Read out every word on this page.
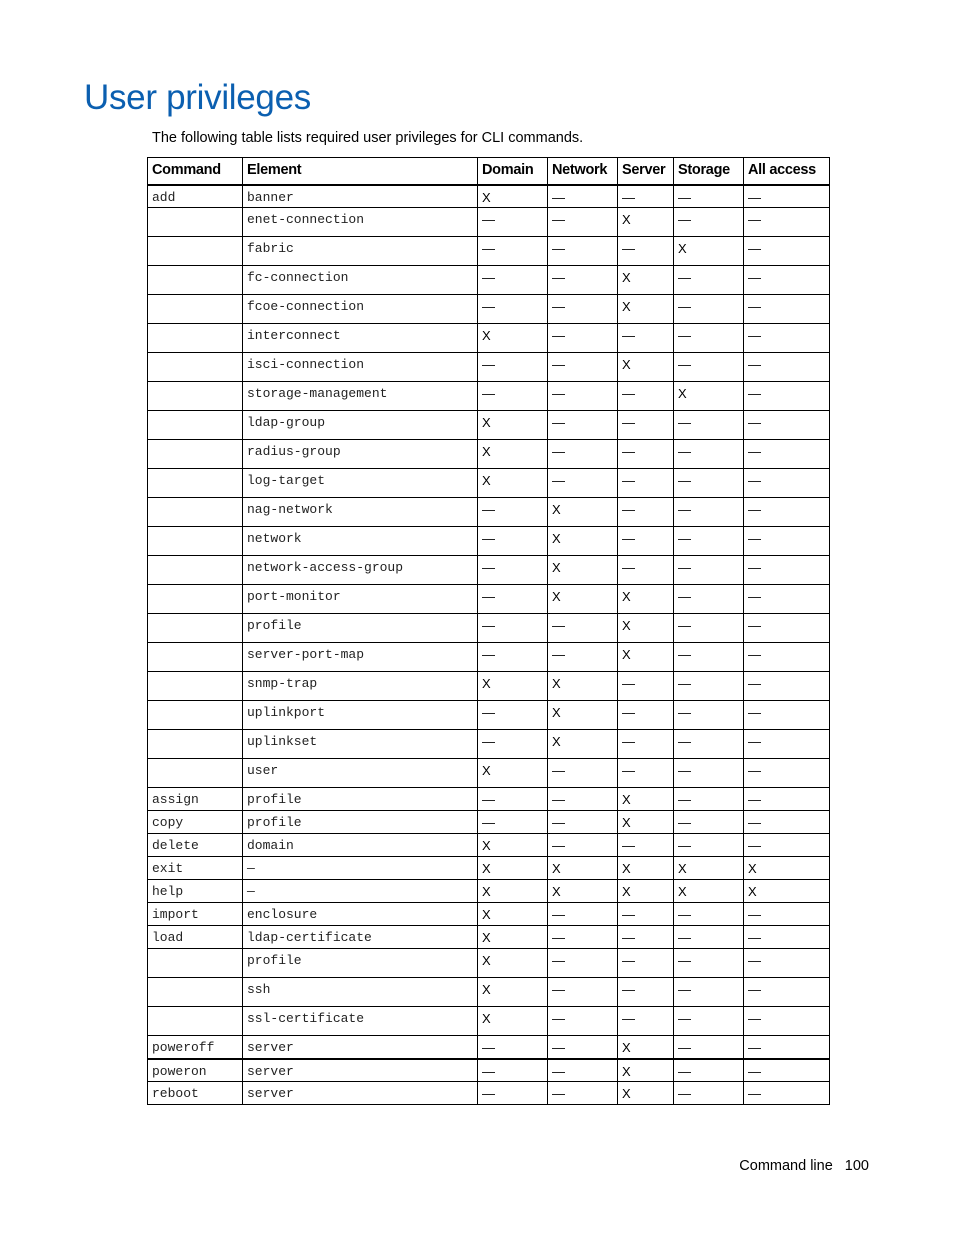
User privileges

The following table lists required user privileges for CLI commands.

Command	Element	Domain	Network	Server	Storage	All access
add	banner	X	—	—	—	—
	enet-connection	—	—	X	—	—
	fabric	—	—	—	X	—
	fc-connection	—	—	X	—	—
	fcoe-connection	—	—	X	—	—
	interconnect	X	—	—	—	—
	isci-connection	—	—	X	—	—
	storage-management	—	—	—	X	—
	ldap-group	X	—	—	—	—
	radius-group	X	—	—	—	—
	log-target	X	—	—	—	—
	nag-network	—	X	—	—	—
	network	—	X	—	—	—
	network-access-group	—	X	—	—	—
	port-monitor	—	X	X	—	—
	profile	—	—	X	—	—
	server-port-map	—	—	X	—	—
	snmp-trap	X	X	—	—	—
	uplinkport	—	X	—	—	—
	uplinkset	—	X	—	—	—
	user	X	—	—	—	—
assign	profile	—	—	X	—	—
copy	profile	—	—	X	—	—
delete	domain	X	—	—	—	—
exit	—	X	X	X	X	X
help	—	X	X	X	X	X
import	enclosure	X	—	—	—	—
load	ldap-certificate	X	—	—	—	—
	profile	X	—	—	—	—
	ssh	X	—	—	—	—
	ssl-certificate	X	—	—	—	—
poweroff	server	—	—	X	—	—
poweron	server	—	—	X	—	—
reboot	server	—	—	X	—	—
Command line 100
